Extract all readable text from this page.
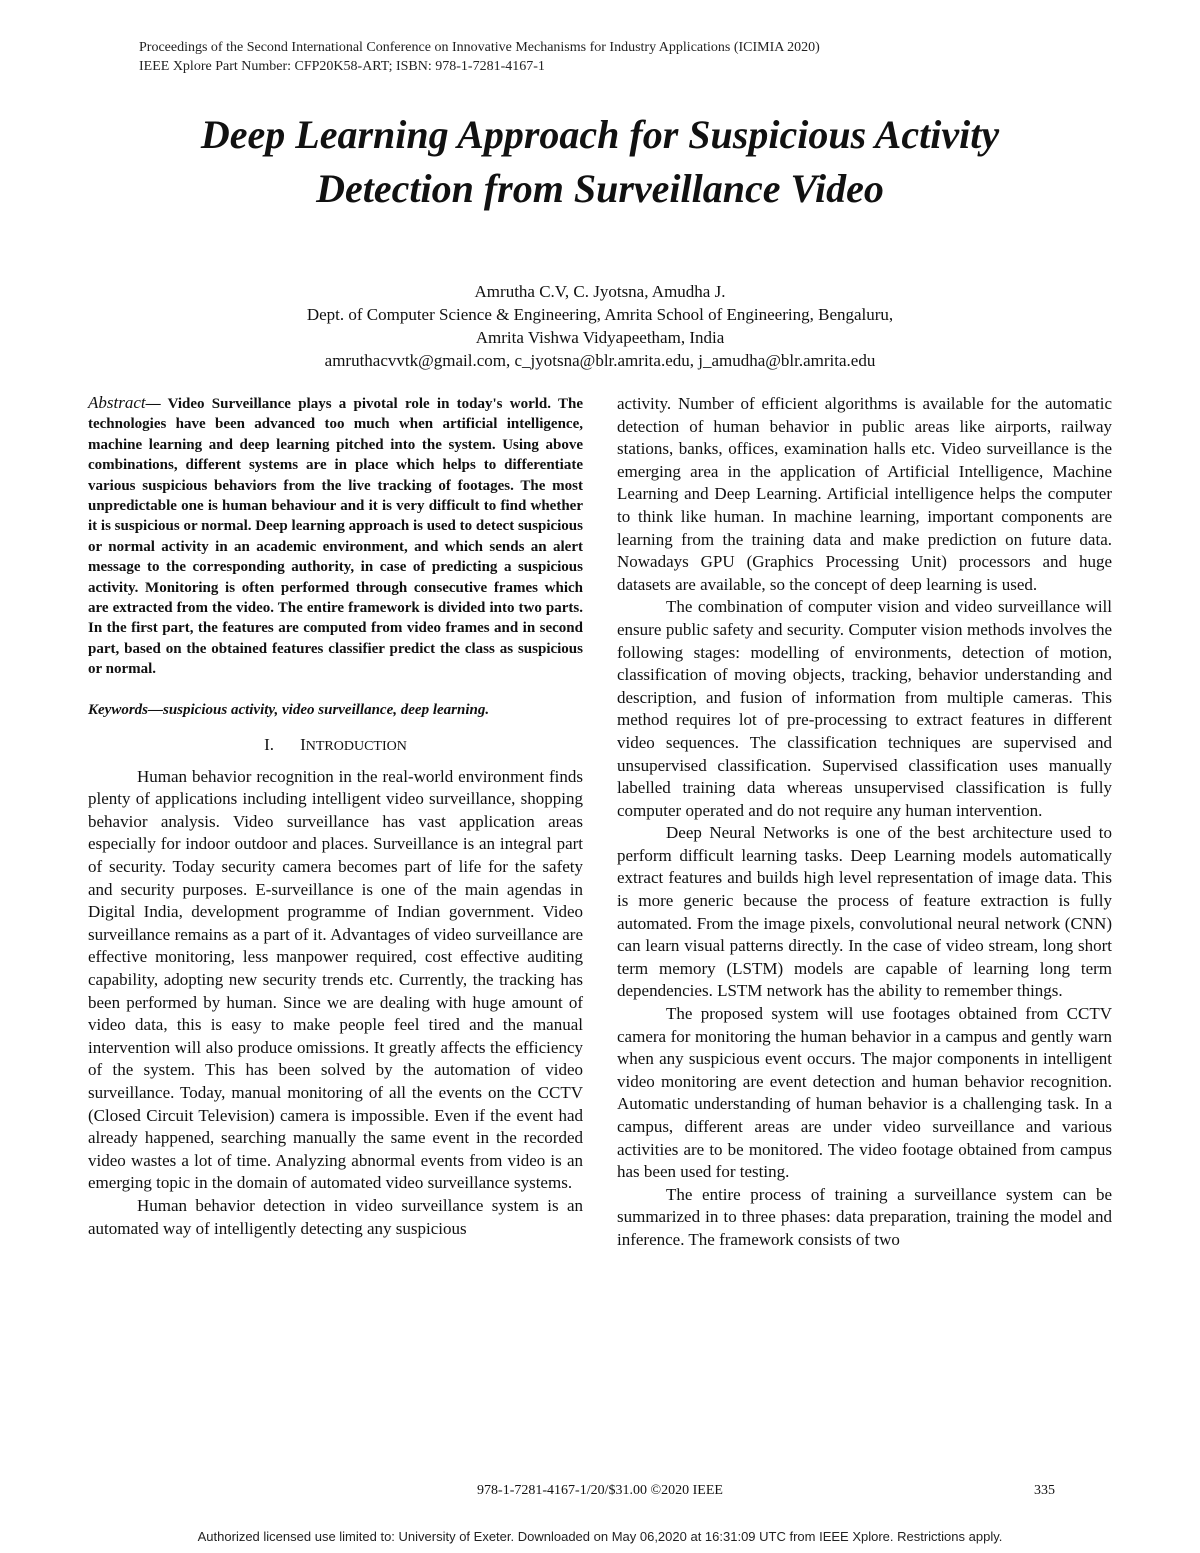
Proceedings of the Second International Conference on Innovative Mechanisms for Industry Applications (ICIMIA 2020)
IEEE Xplore Part Number: CFP20K58-ART; ISBN: 978-1-7281-4167-1
Deep Learning Approach for Suspicious Activity
Detection from Surveillance Video
Amrutha C.V, C. Jyotsna, Amudha J.
Dept. of Computer Science & Engineering, Amrita School of Engineering, Bengaluru,
Amrita Vishwa Vidyapeetham, India
amruthacvvtk@gmail.com, c_jyotsna@blr.amrita.edu, j_amudha@blr.amrita.edu

Abstract— Video Surveillance plays a pivotal role in today's world. The technologies have been advanced too much when artificial intelligence, machine learning and deep learning pitched into the system. Using above combinations, different systems are in place which helps to differentiate various suspicious behaviors from the live tracking of footages. The most unpredictable one is human behaviour and it is very difficult to find whether it is suspicious or normal. Deep learning approach is used to detect suspicious or normal activity in an academic environment, and which sends an alert message to the corresponding authority, in case of predicting a suspicious activity. Monitoring is often performed through consecutive frames which are extracted from the video. The entire framework is divided into two parts. In the first part, the features are computed from video frames and in second part, based on the obtained features classifier predict the class as suspicious or normal.

Keywords—suspicious activity, video surveillance, deep learning.

I. INTRODUCTION

Human behavior recognition in the real-world environment finds plenty of applications including intelligent video surveillance, shopping behavior analysis. Video surveillance has vast application areas especially for indoor outdoor and places. Surveillance is an integral part of security. Today security camera becomes part of life for the safety and security purposes. E-surveillance is one of the main agendas in Digital India, development programme of Indian government. Video surveillance remains as a part of it. Advantages of video surveillance are effective monitoring, less manpower required, cost effective auditing capability, adopting new security trends etc. Currently, the tracking has been performed by human. Since we are dealing with huge amount of video data, this is easy to make people feel tired and the manual intervention will also produce omissions. It greatly affects the efficiency of the system. This has been solved by the automation of video surveillance. Today, manual monitoring of all the events on the CCTV (Closed Circuit Television) camera is impossible. Even if the event had already happened, searching manually the same event in the recorded video wastes a lot of time. Analyzing abnormal events from video is an emerging topic in the domain of automated video surveillance systems.

Human behavior detection in video surveillance system is an automated way of intelligently detecting any suspicious

activity. Number of efficient algorithms is available for the automatic detection of human behavior in public areas like airports, railway stations, banks, offices, examination halls etc. Video surveillance is the emerging area in the application of Artificial Intelligence, Machine Learning and Deep Learning. Artificial intelligence helps the computer to think like human. In machine learning, important components are learning from the training data and make prediction on future data. Nowadays GPU (Graphics Processing Unit) processors and huge datasets are available, so the concept of deep learning is used.

The combination of computer vision and video surveillance will ensure public safety and security. Computer vision methods involves the following stages: modelling of environments, detection of motion, classification of moving objects, tracking, behavior understanding and description, and fusion of information from multiple cameras. This method requires lot of pre-processing to extract features in different video sequences. The classification techniques are supervised and unsupervised classification. Supervised classification uses manually labelled training data whereas unsupervised classification is fully computer operated and do not require any human intervention.

Deep Neural Networks is one of the best architecture used to perform difficult learning tasks. Deep Learning models automatically extract features and builds high level representation of image data. This is more generic because the process of feature extraction is fully automated. From the image pixels, convolutional neural network (CNN) can learn visual patterns directly. In the case of video stream, long short term memory (LSTM) models are capable of learning long term dependencies. LSTM network has the ability to remember things.

The proposed system will use footages obtained from CCTV camera for monitoring the human behavior in a campus and gently warn when any suspicious event occurs. The major components in intelligent video monitoring are event detection and human behavior recognition. Automatic understanding of human behavior is a challenging task. In a campus, different areas are under video surveillance and various activities are to be monitored. The video footage obtained from campus has been used for testing.

The entire process of training a surveillance system can be summarized in to three phases: data preparation, training the model and inference. The framework consists of two

978-1-7281-4167-1/20/$31.00 ©2020 IEEE	335
Authorized licensed use limited to: University of Exeter. Downloaded on May 06,2020 at 16:31:09 UTC from IEEE Xplore. Restrictions apply.
